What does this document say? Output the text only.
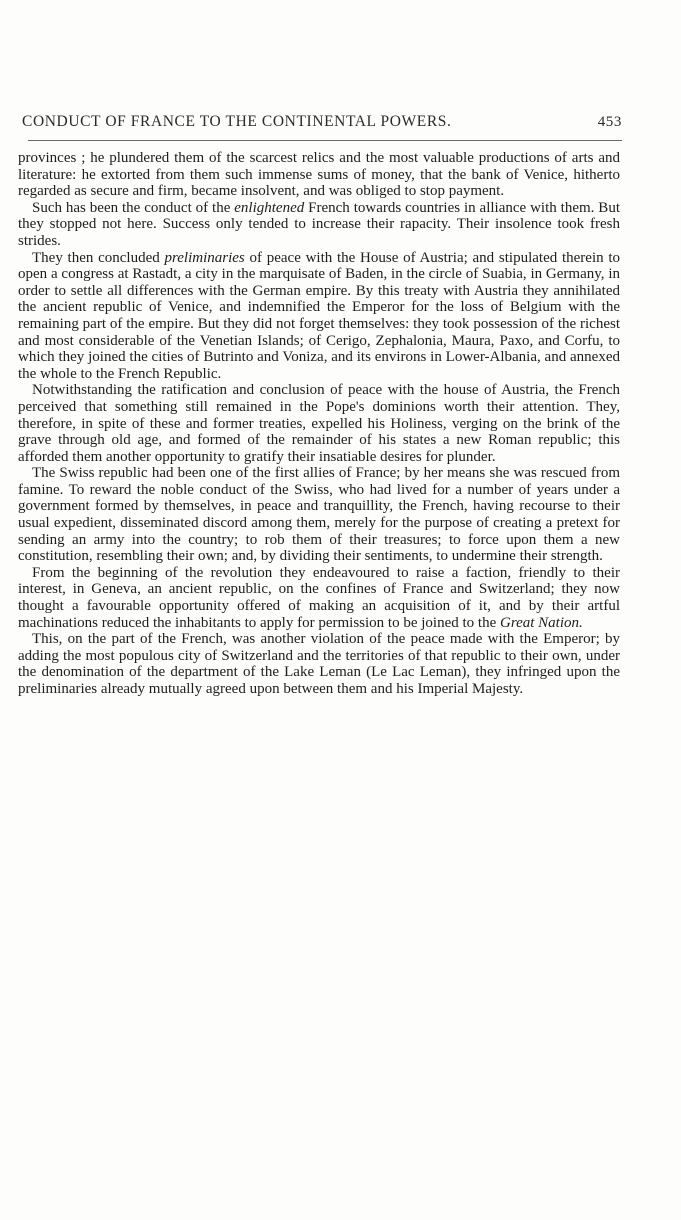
CONDUCT OF FRANCE TO THE CONTINENTAL POWERS.	453

provinces ; he plundered them of the scarcest relics and the most valuable productions of arts and literature: he extorted from them such immense sums of money, that the bank of Venice, hitherto regarded as secure and firm, became insolvent, and was obliged to stop payment.

Such has been the conduct of the enlightened French towards countries in alliance with them. But they stopped not here. Success only tended to increase their rapacity. Their insolence took fresh strides.

They then concluded preliminaries of peace with the House of Austria; and stipulated therein to open a congress at Rastadt, a city in the marquisate of Baden, in the circle of Suabia, in Germany, in order to settle all differences with the German empire. By this treaty with Austria they annihilated the ancient republic of Venice, and indemnified the Emperor for the loss of Belgium with the remaining part of the empire. But they did not forget themselves: they took possession of the richest and most considerable of the Venetian Islands; of Cerigo, Zephalonia, Maura, Paxo, and Corfu, to which they joined the cities of Butrinto and Voniza, and its environs in Lower-Albania, and annexed the whole to the French Republic.

Notwithstanding the ratification and conclusion of peace with the house of Austria, the French perceived that something still remained in the Pope's dominions worth their attention. They, therefore, in spite of these and former treaties, expelled his Holiness, verging on the brink of the grave through old age, and formed of the remainder of his states a new Roman republic; this afforded them another opportunity to gratify their insatiable desires for plunder.

The Swiss republic had been one of the first allies of France; by her means she was rescued from famine. To reward the noble conduct of the Swiss, who had lived for a number of years under a government formed by themselves, in peace and tranquillity, the French, having recourse to their usual expedient, disseminated discord among them, merely for the purpose of creating a pretext for sending an army into the country; to rob them of their treasures; to force upon them a new constitution, resembling their own; and, by dividing their sentiments, to undermine their strength.

From the beginning of the revolution they endeavoured to raise a faction, friendly to their interest, in Geneva, an ancient republic, on the confines of France and Switzerland; they now thought a favourable opportunity offered of making an acquisition of it, and by their artful machinations reduced the inhabitants to apply for permission to be joined to the Great Nation.

This, on the part of the French, was another violation of the peace made with the Emperor; by adding the most populous city of Switzerland and the territories of that republic to their own, under the denomination of the department of the Lake Leman (Le Lac Leman), they infringed upon the preliminaries already mutually agreed upon between them and his Imperial Majesty.
